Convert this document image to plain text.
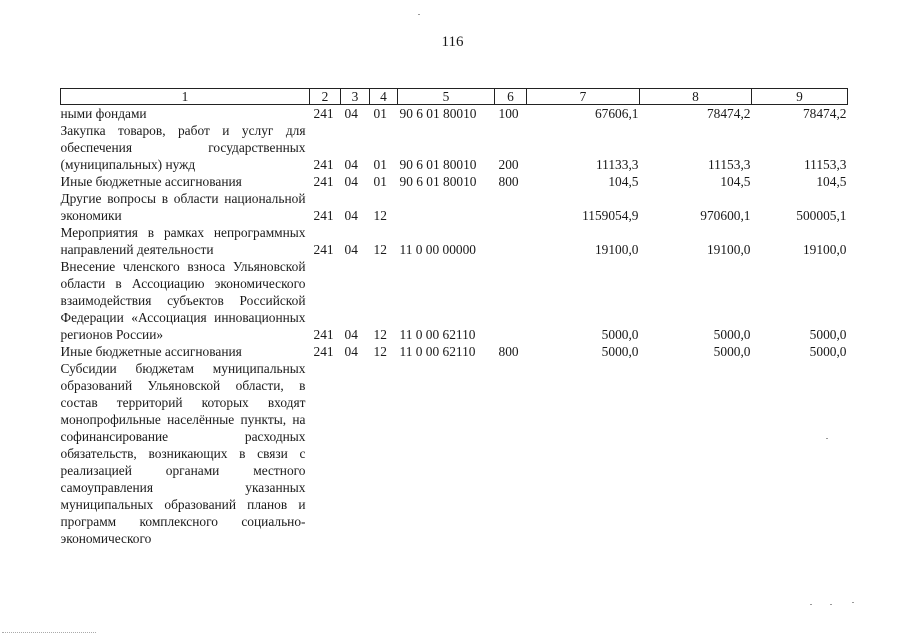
116
1	2	3	4	5	6	7	8	9
ными фондами	241	04	01	90 6 01 80010	100	67606,1	78474,2	78474,2
Закупка товаров, работ и услуг для обеспечения государственных (муниципальных) нужд	241	04	01	90 6 01 80010	200	11133,3	11153,3	11153,3
Иные бюджетные ассигнования	241	04	01	90 6 01 80010	800	104,5	104,5	104,5
Другие вопросы в области национальной экономики	241	04	12			1159054,9	970600,1	500005,1
Мероприятия в рамках непрограммных направлений деятельности	241	04	12	11 0 00 00000		19100,0	19100,0	19100,0
Внесение членского взноса Ульяновской области в Ассоциацию экономического взаимодействия субъектов Российской Федерации «Ассоциация инновационных регионов России»	241	04	12	11 0 00 62110		5000,0	5000,0	5000,0
Иные бюджетные ассигнования	241	04	12	11 0 00 62110	800	5000,0	5000,0	5000,0
Субсидии бюджетам муниципальных образований Ульяновской области, в состав территорий которых входят монопрофильные населённые пункты, на софинансирование расходных обязательств, возникающих в связи с реализацией органами местного самоуправления указанных муниципальных образований планов и программ комплексного социально-экономического								
